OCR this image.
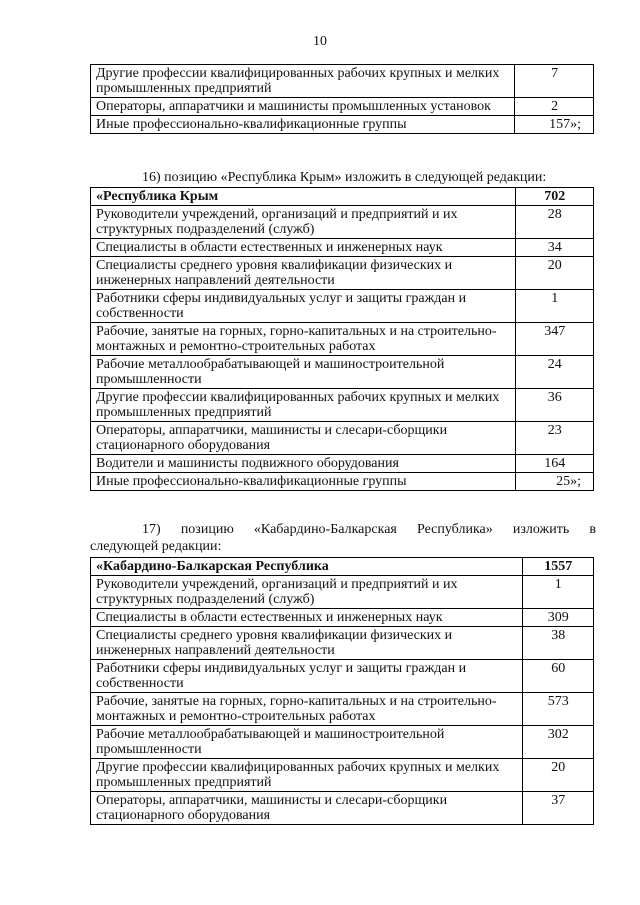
10
Другие профессии квалифицированных рабочих крупных и мелких промышленных предприятий	7
Операторы, аппаратчики и машинисты промышленных установок	2
Иные профессионально-квалификационные группы	157»;
16) позицию «Республика Крым» изложить в следующей редакции:
«Республика Крым	702
Руководители учреждений, организаций и предприятий и их структурных подразделений (служб)	28
Специалисты в области естественных и инженерных наук	34
Специалисты среднего уровня квалификации физических и инженерных направлений деятельности	20
Работники сферы индивидуальных услуг и защиты граждан и собственности	1
Рабочие, занятые на горных, горно-капитальных и на строительно-монтажных и ремонтно-строительных работах	347
Рабочие металлообрабатывающей и машиностроительной промышленности	24
Другие профессии квалифицированных рабочих крупных и мелких промышленных предприятий	36
Операторы, аппаратчики, машинисты и слесари-сборщики стационарного оборудования	23
Водители и машинисты подвижного оборудования	164
Иные профессионально-квалификационные группы	25»;
17) позицию «Кабардино-Балкарская Республика» изложить в
следующей редакции:
«Кабардино-Балкарская Республика	1557
Руководители учреждений, организаций и предприятий и их структурных подразделений (служб)	1
Специалисты в области естественных и инженерных наук	309
Специалисты среднего уровня квалификации физических и инженерных направлений деятельности	38
Работники сферы индивидуальных услуг и защиты граждан и собственности	60
Рабочие, занятые на горных, горно-капитальных и на строительно-монтажных и ремонтно-строительных работах	573
Рабочие металлообрабатывающей и машиностроительной промышленности	302
Другие профессии квалифицированных рабочих крупных и мелких промышленных предприятий	20
Операторы, аппаратчики, машинисты и слесари-сборщики стационарного оборудования	37
